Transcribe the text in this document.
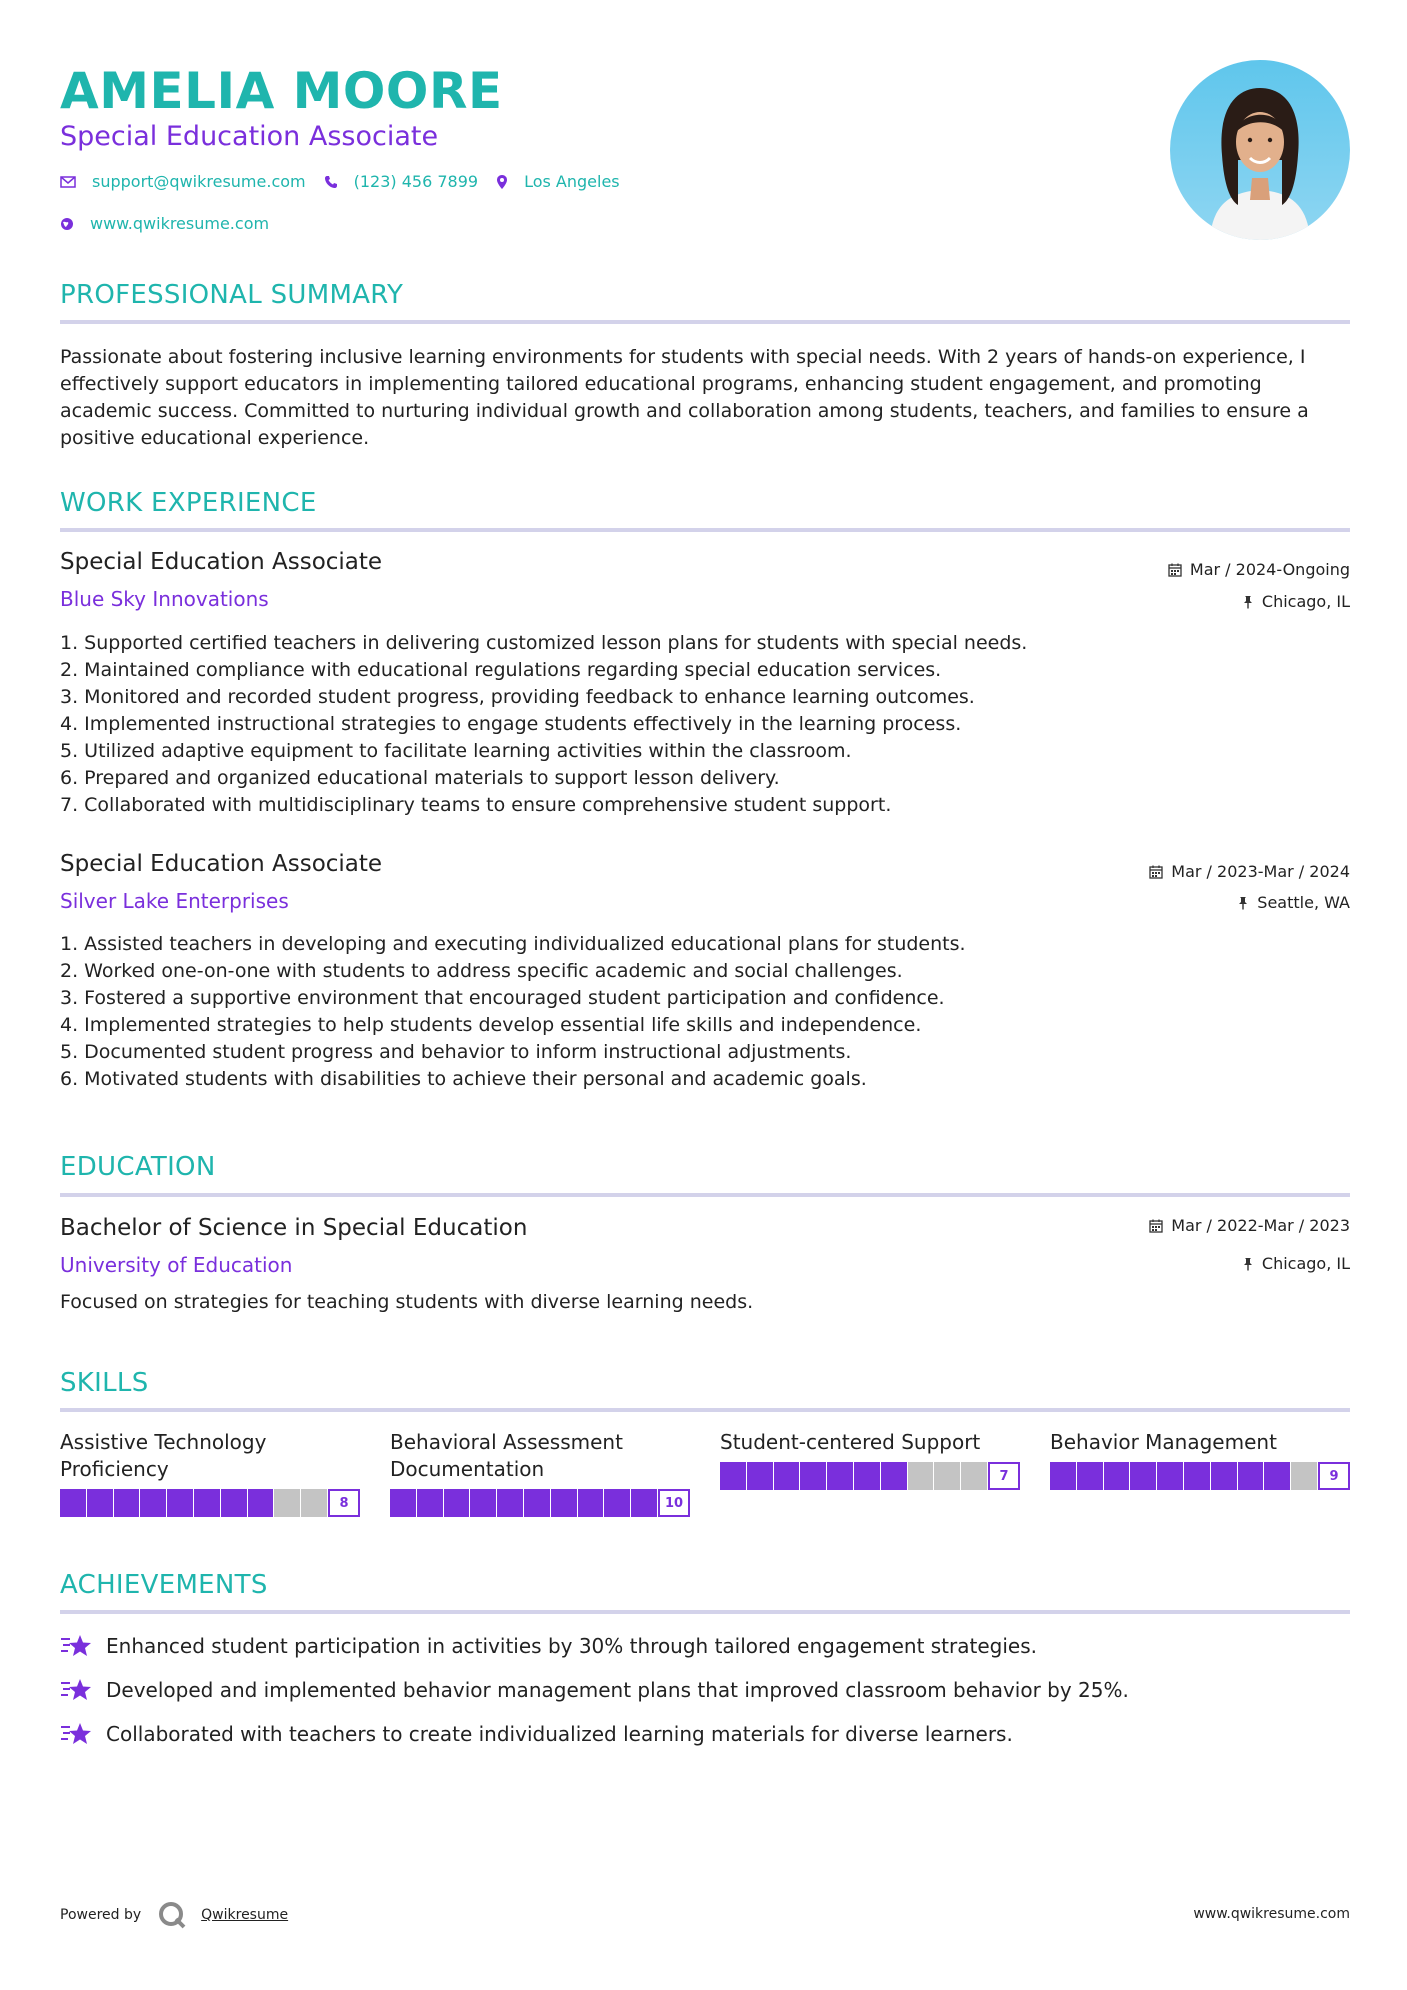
AMELIA MOORE
Special Education Associate
support@qwikresume.com	(123) 456 7899	Los Angeles
www.qwikresume.com
PROFESSIONAL SUMMARY
Passionate about fostering inclusive learning environments for students with special needs. With 2 years of hands-on experience, I effectively support educators in implementing tailored educational programs, enhancing student engagement, and promoting academic success. Committed to nurturing individual growth and collaboration among students, teachers, and families to ensure a positive educational experience.
WORK EXPERIENCE
Special Education Associate	Mar / 2024-Ongoing
Blue Sky Innovations	Chicago, IL
1. Supported certified teachers in delivering customized lesson plans for students with special needs.
2. Maintained compliance with educational regulations regarding special education services.
3. Monitored and recorded student progress, providing feedback to enhance learning outcomes.
4. Implemented instructional strategies to engage students effectively in the learning process.
5. Utilized adaptive equipment to facilitate learning activities within the classroom.
6. Prepared and organized educational materials to support lesson delivery.
7. Collaborated with multidisciplinary teams to ensure comprehensive student support.
Special Education Associate	Mar / 2023-Mar / 2024
Silver Lake Enterprises	Seattle, WA
1. Assisted teachers in developing and executing individualized educational plans for students.
2. Worked one-on-one with students to address specific academic and social challenges.
3. Fostered a supportive environment that encouraged student participation and confidence.
4. Implemented strategies to help students develop essential life skills and independence.
5. Documented student progress and behavior to inform instructional adjustments.
6. Motivated students with disabilities to achieve their personal and academic goals.
EDUCATION
Bachelor of Science in Special Education	Mar / 2022-Mar / 2023
University of Education	Chicago, IL
Focused on strategies for teaching students with diverse learning needs.
SKILLS
Assistive Technology Proficiency
8
Behavioral Assessment Documentation
10
Student-centered Support
7
Behavior Management
9
ACHIEVEMENTS
Enhanced student participation in activities by 30% through tailored engagement strategies.
Developed and implemented behavior management plans that improved classroom behavior by 25%.
Collaborated with teachers to create individualized learning materials for diverse learners.
Powered by	Qwikresume	www.qwikresume.com
